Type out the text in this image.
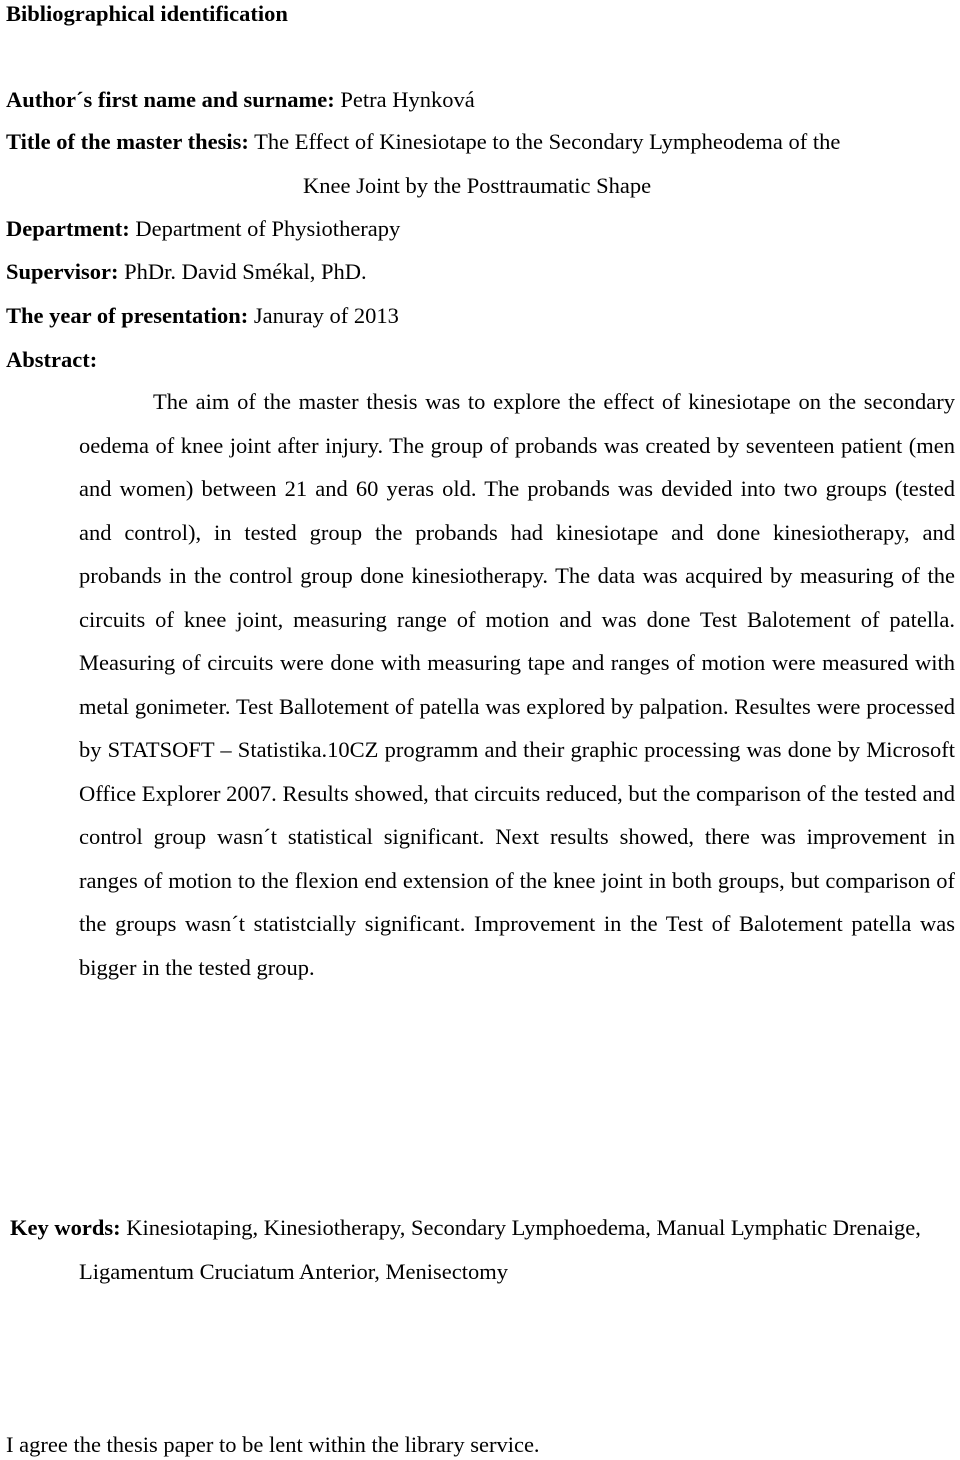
Bibliographical identification
Author´s first name and surname: Petra Hynková
Title of the master thesis: The Effect of Kinesiotape to the Secondary Lympheodema of the
Knee Joint by the Posttraumatic Shape
Department: Department of Physiotherapy
Supervisor: PhDr. David Smékal, PhD.
The year of presentation: Januray of 2013
Abstract:
The aim of the master thesis was to explore the effect of kinesiotape on the secondary oedema of knee joint after injury. The group of probands was created by seventeen patient (men and women) between 21 and 60 yeras old. The probands was devided into two groups (tested and control), in tested group the probands had kinesiotape and done kinesiotherapy, and probands in the control group done kinesiotherapy. The data was acquired by measuring of the circuits of knee joint, measuring range of motion and was done Test Balotement of patella. Measuring of circuits were done with measuring tape and ranges of motion were measured with metal gonimeter. Test Ballotement of patella was explored by palpation. Resultes were processed by STATSOFT – Statistika.10CZ programm and their graphic processing was done by Microsoft Office Explorer 2007. Results showed, that circuits reduced, but the comparison of the tested and control group wasn´t statistical significant. Next results showed, there was improvement in ranges of motion to the flexion end extension of the knee joint in both groups, but comparison of the groups wasn´t statistcially significant. Improvement in the Test of Balotement patella was bigger in the tested group.
Key words: Kinesiotaping, Kinesiotherapy, Secondary Lymphoedema, Manual Lymphatic Drenaige, Ligamentum Cruciatum Anterior, Menisectomy
I agree the thesis paper to be lent within the library service.
